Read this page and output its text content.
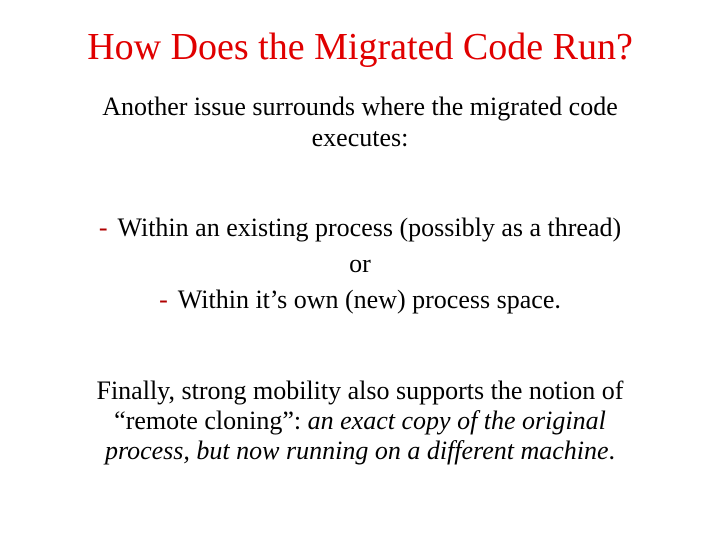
How Does the Migrated Code Run?
Another issue surrounds where the migrated code
executes:
- Within an existing process (possibly as a thread)
or
- Within it’s own (new) process space.
Finally, strong mobility also supports the notion of
“remote cloning”: an exact copy of the original
process, but now running on a different machine.
